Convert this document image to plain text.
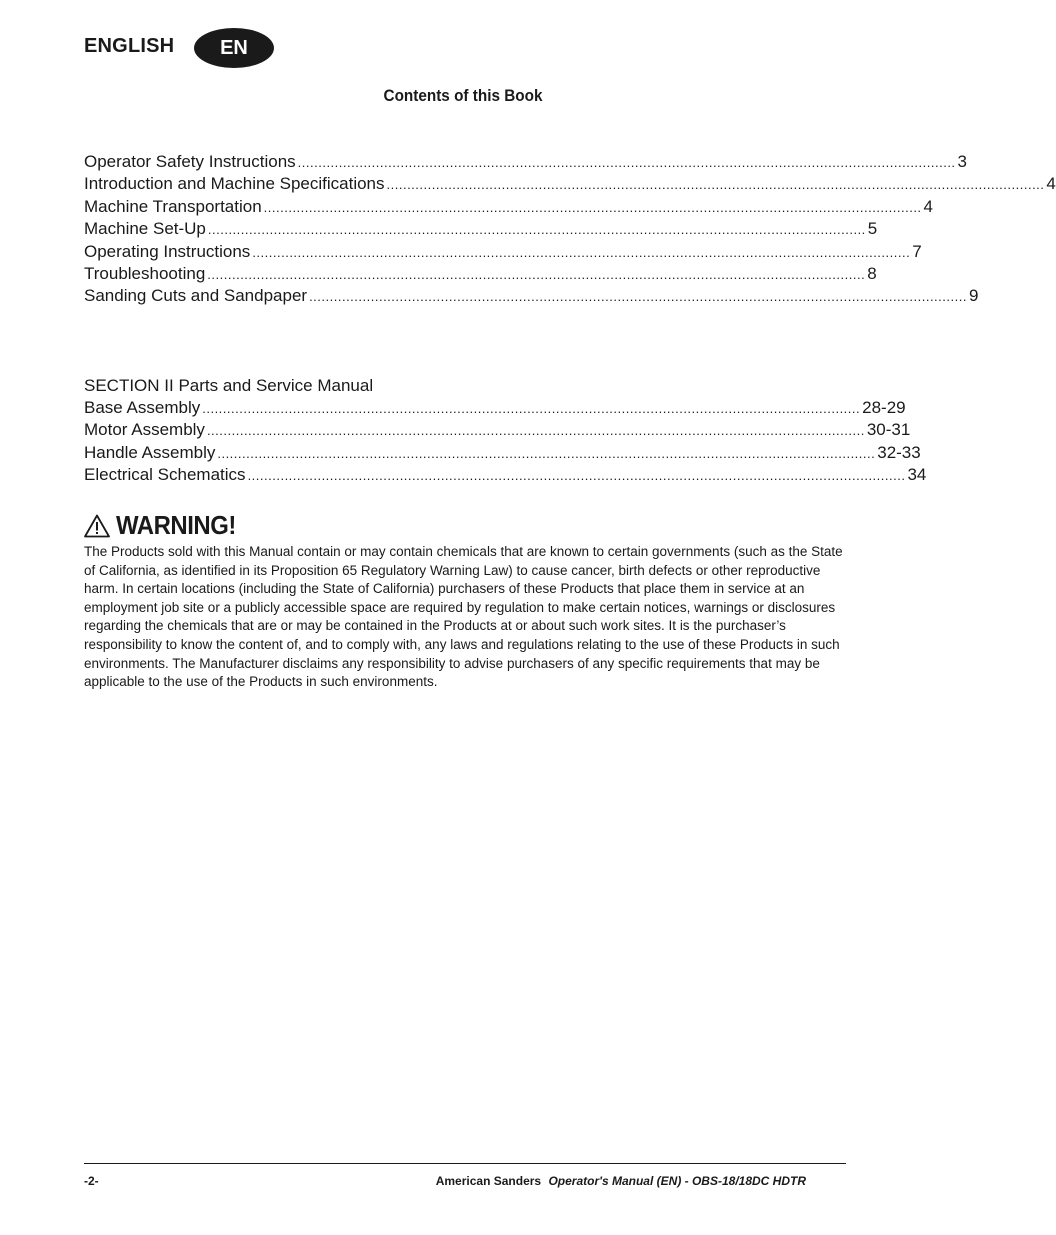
ENGLISH	EN
Contents of this Book
Operator Safety Instructions ................................................................................................................................................................ 3
Introduction and Machine Specifications ................................................................................................................................................................ 4
Machine Transportation ................................................................................................................................................................ 4
Machine Set-Up ................................................................................................................................................................ 5
Operating Instructions ................................................................................................................................................................ 7
Troubleshooting ................................................................................................................................................................ 8
Sanding Cuts and Sandpaper ................................................................................................................................................................ 9
SECTION II Parts and Service Manual
Base Assembly ................................................................................................................................................................ 28-29
Motor Assembly ................................................................................................................................................................ 30-31
Handle Assembly ................................................................................................................................................................ 32-33
Electrical Schematics ................................................................................................................................................................ 34
WARNING!
The Products sold with this Manual contain or may contain chemicals that are known to certain governments (such as the State of California, as identified in its Proposition 65 Regulatory Warning Law) to cause cancer, birth defects or other reproductive harm. In certain locations (including the State of California) purchasers of these Products that place them in service at an employment job site or a publicly accessible space are required by regulation to make certain notices, warnings or disclosures regarding the chemicals that are or may be contained in the Products at or about such work sites. It is the purchaser’s responsibility to know the content of, and to comply with, any laws and regulations relating to the use of these Products in such environments. The Manufacturer disclaims any responsibility to advise purchasers of any specific requirements that may be applicable to the use of the Products in such environments.
-2-	American Sanders Operator's Manual (EN) - OBS-18/18DC HDTR
